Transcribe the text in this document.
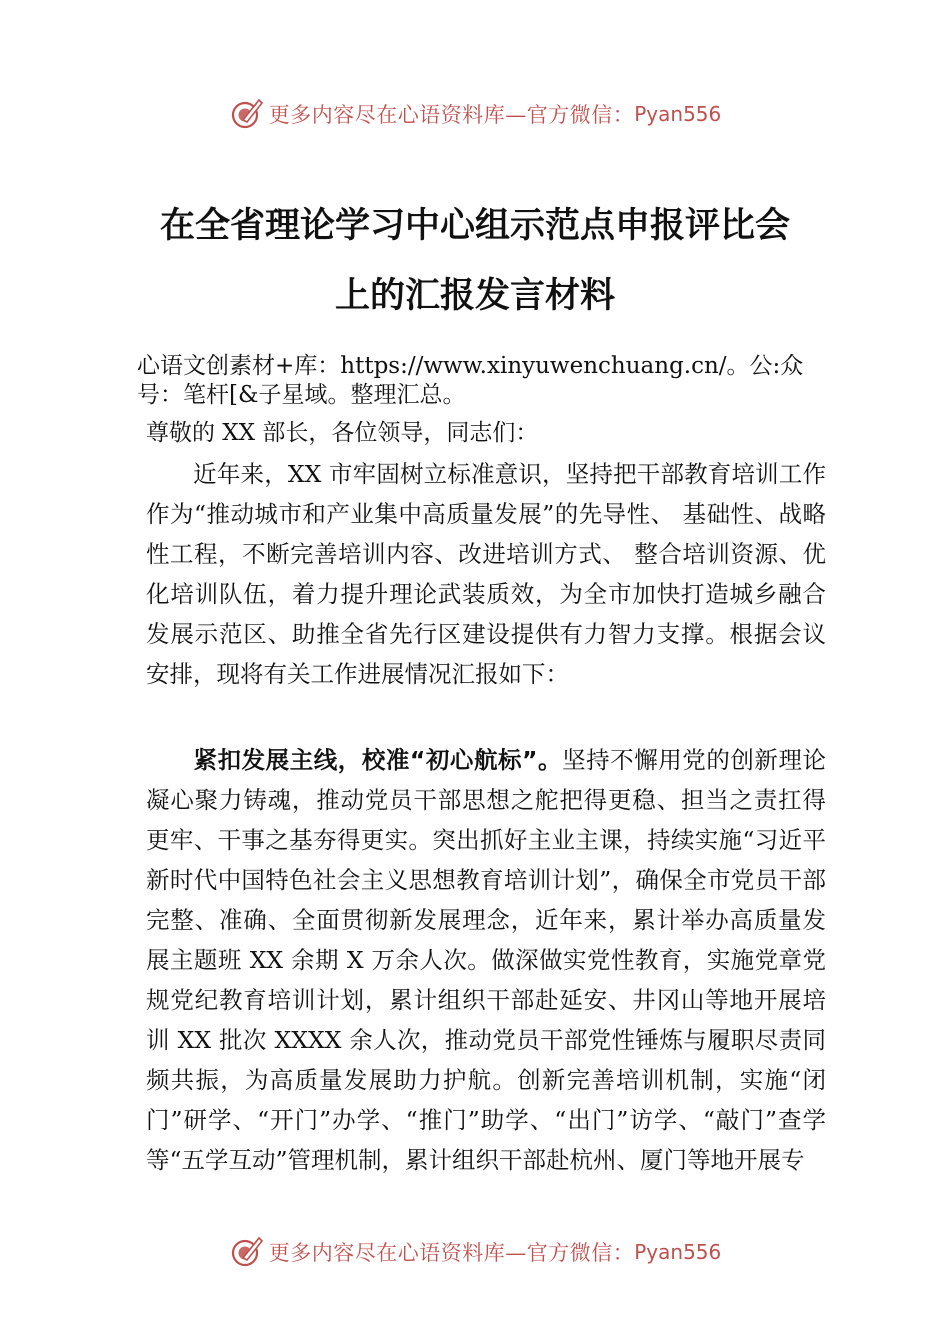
更多内容尽在心语资料库—官方微信： Pyan556
在全省理论学习中心组示范点申报评比会
上的汇报发言材料
心语文创素材+库：https://www.xinyuwenchuang.cn/。公:众号：笔杆[&子星域。整理汇总。
尊敬的 XX 部长，各位领导，同志们：
近年来，XX 市牢固树立标准意识，坚持把干部教育培训工作作为“推动城市和产业集中高质量发展”的先导性、 基础性、战略性工程，不断完善培训内容、改进培训方式、 整合培训资源、优化培训队伍，着力提升理论武装质效，为全市加快打造城乡融合发展示范区、助推全省先行区建设提供有力智力支撑。根据会议安排，现将有关工作进展情况汇报如下：
紧扣发展主线，校准“初心航标”。坚持不懈用党的创新理论凝心聚力铸魂，推动党员干部思想之舵把得更稳、担当之责扛得更牢、干事之基夯得更实。突出抓好主业主课，持续实施“习近平新时代中国特色社会主义思想教育培训计划”，确保全市党员干部完整、准确、全面贯彻新发展理念，近年来，累计举办高质量发展主题班 XX 余期 X 万余人次。做深做实党性教育，实施党章党规党纪教育培训计划，累计组织干部赴延安、井冈山等地开展培训 XX 批次 XXXX 余人次，推动党员干部党性锤炼与履职尽责同频共振，为高质量发展助力护航。创新完善培训机制，实施“闭门”研学、“开门”办学、“推门”助学、“出门”访学、“敲门”查学等“五学互动”管理机制，累计组织干部赴杭州、厦门等地开展专
更多内容尽在心语资料库—官方微信： Pyan556
